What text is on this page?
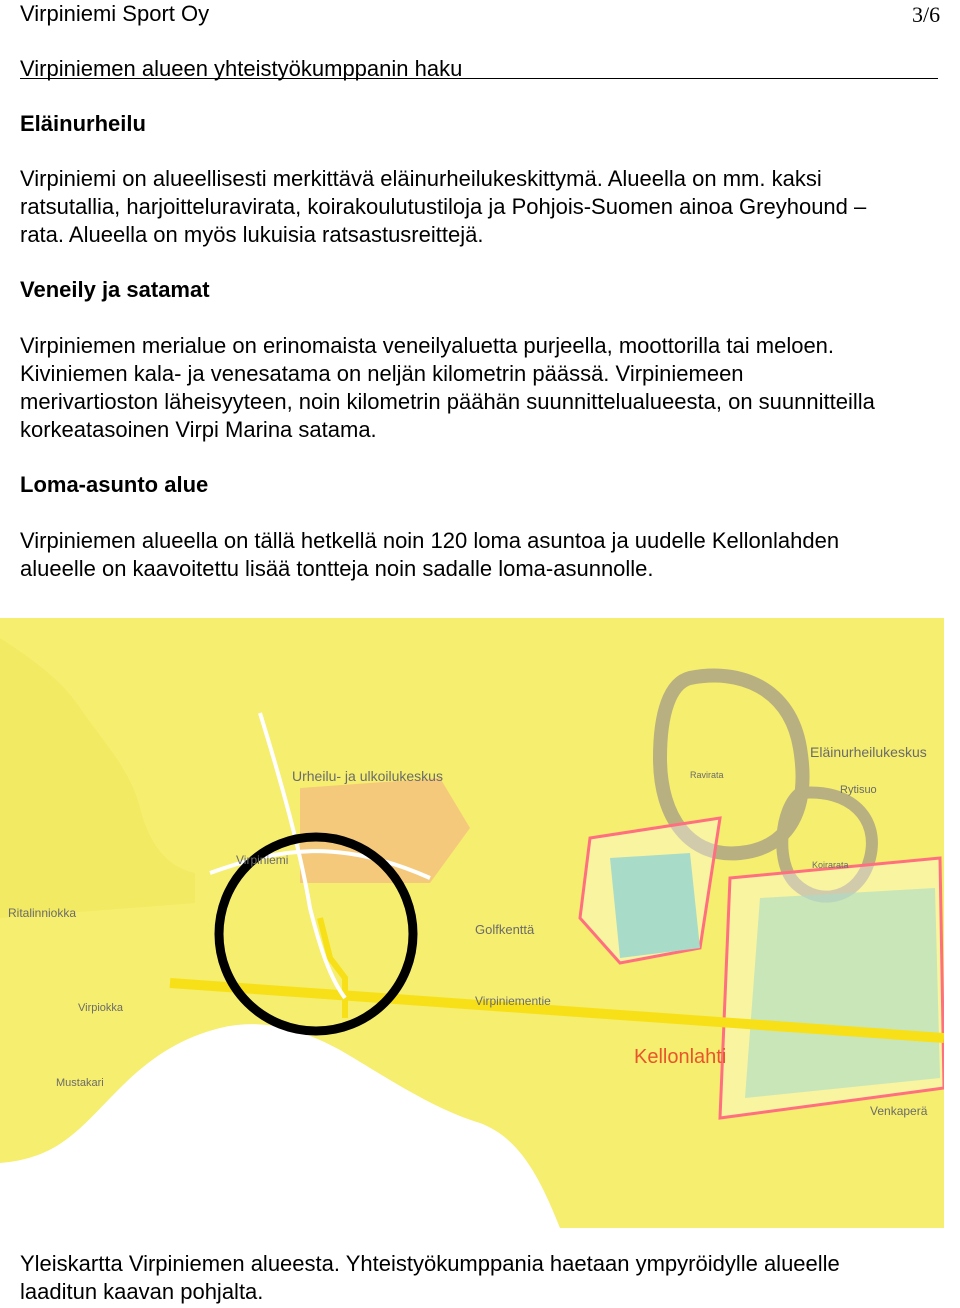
Virpiniemi Sport Oy	3/6
Virpiniemen alueen yhteistyökumppanin haku
Eläinurheilu

Virpiniemi on alueellisesti merkittävä eläinurheilukeskittymä. Alueella on mm. kaksi

ratsutallia, harjoitteluravirata, koirakoulutustiloja ja Pohjois-Suomen ainoa Greyhound –

rata. Alueella on myös lukuisia ratsastusreittejä.

Veneily ja satamat

Virpiniemen merialue on erinomaista veneilyaluetta purjeella, moottorilla tai meloen.

Kiviniemen kala- ja venesatama on neljän kilometrin päässä. Virpiniemeen

merivartioston läheisyyteen, noin kilometrin päähän suunnittelualueesta, on suunnitteilla

korkeatasoinen Virpi Marina satama.

Loma-asunto alue

Virpiniemen alueella on tällä hetkellä noin 120 loma asuntoa ja uudelle Kellonlahden

alueelle on kaavoitettu lisää tontteja noin sadalle loma-asunnolle.

Eläinurheilukeskus
Urheilu- ja ulkoilukeskus
Golfkenttä
Virpiniemi
Ritalinniokka
Virpiniementie
Kellonlahti
Venkaperä
Mustakari
Virpiokka
Rytisuo
Ravirata
Koirarata

Yleiskartta Virpiniemen alueesta. Yhteistyökumppania haetaan ympyröidylle alueelle

laaditun kaavan pohjalta.
